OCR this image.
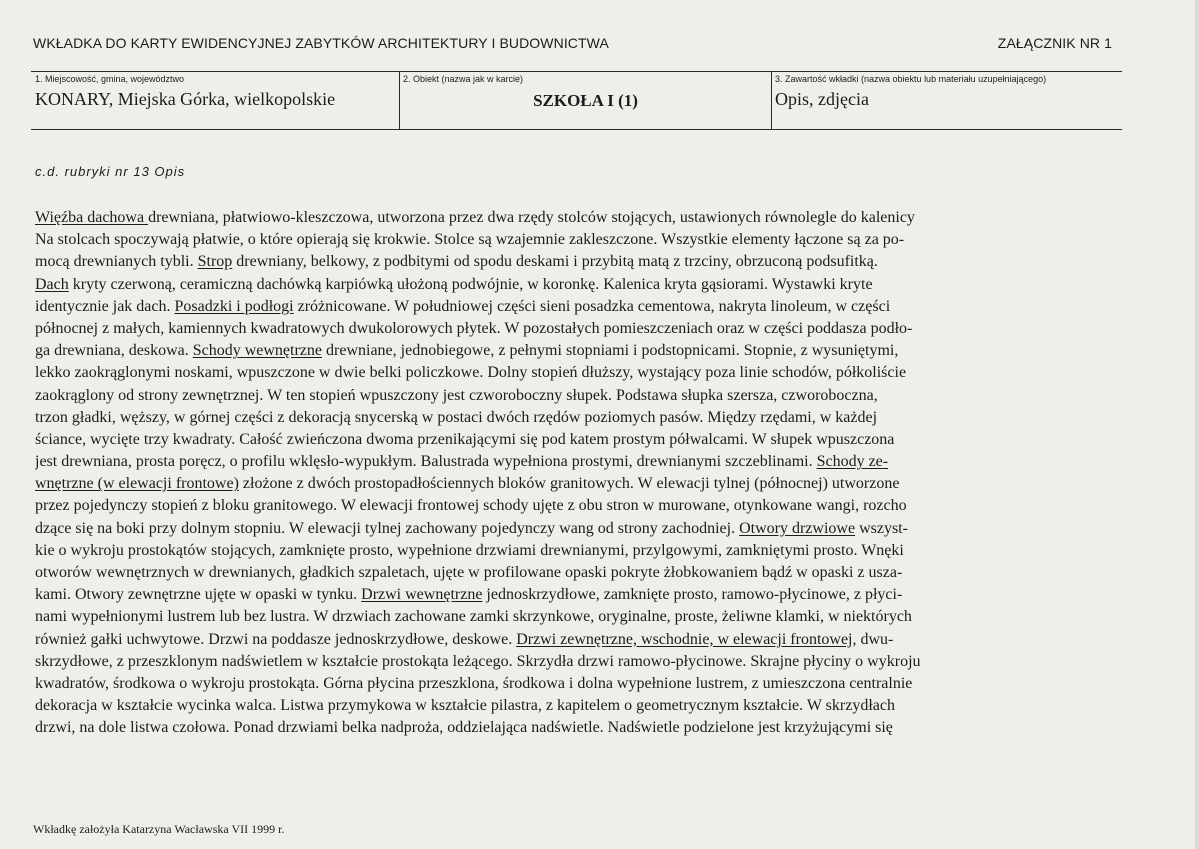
WKŁADKA DO KARTY EWIDENCYJNEJ ZABYTKÓW ARCHITEKTURY I BUDOWNICTWA	ZAŁĄCZNIK NR 1
1. Miejscowość, gmina, województwo
KONARY, Miejska Górka, wielkopolskie
2. Obiekt (nazwa jak w karcie)
SZKOŁA I (1)
3. Zawartość wkładki (nazwa obiektu lub materiału uzupełniającego)
Opis, zdjęcia
c.d. rubryki nr 13 Opis
Więźba dachowa drewniana, płatwiowo-kleszczowa, utworzona przez dwa rzędy stolców stojących, ustawionych równolegle do kalenicy
Na stolcach spoczywają płatwie, o które opierają się krokwie. Stolce są wzajemnie zakleszczone. Wszystkie elementy łączone są za po-
mocą drewnianych tybli. Strop drewniany, belkowy, z podbitymi od spodu deskami i przybitą matą z trzciny, obrzuconą podsufitką.
Dach kryty czerwoną, ceramiczną dachówką karpiówką ułożoną podwójnie, w koronkę. Kalenica kryta gąsiorami. Wystawki kryte
identycznie jak dach. Posadzki i podłogi zróżnicowane. W południowej części sieni posadzka cementowa, nakryta linoleum, w części
północnej z małych, kamiennych kwadratowych dwukolorowych płytek. W pozostałych pomieszczeniach oraz w części poddasza podło-
ga drewniana, deskowa. Schody wewnętrzne drewniane, jednobiegowe, z pełnymi stopniami i podstopnicami. Stopnie, z wysuniętymi,
lekko zaokrąglonymi noskami, wpuszczone w dwie belki policzkowe. Dolny stopień dłuższy, wystający poza linie schodów, półkoliście
zaokrąglony od strony zewnętrznej. W ten stopień wpuszczony jest czworoboczny słupek. Podstawa słupka szersza, czworoboczna,
trzon gładki, węższy, w górnej części z dekoracją snycerską w postaci dwóch rzędów poziomych pasów. Między rzędami, w każdej
ściance, wycięte trzy kwadraty. Całość zwieńczona dwoma przenikającymi się pod katem prostym półwalcami. W słupek wpuszczona
jest drewniana, prosta poręcz, o profilu wklęsło-wypukłym. Balustrada wypełniona prostymi, drewnianymi szczeblinami. Schody ze-
wnętrzne (w elewacji frontowe) złożone z dwóch prostopadłościennych bloków granitowych. W elewacji tylnej (północnej) utworzone
przez pojedynczy stopień z bloku granitowego. W elewacji frontowej schody ujęte z obu stron w murowane, otynkowane wangi, rozcho
dzące się na boki przy dolnym stopniu. W elewacji tylnej zachowany pojedynczy wang od strony zachodniej. Otwory drzwiowe wszyst-
kie o wykroju prostokątów stojących, zamknięte prosto, wypełnione drzwiami drewnianymi, przylgowymi, zamkniętymi prosto. Wnęki
otworów wewnętrznych w drewnianych, gładkich szpaletach, ujęte w profilowane opaski pokryte żłobkowaniem bądź w opaski z usza-
kami. Otwory zewnętrzne ujęte w opaski w tynku. Drzwi wewnętrzne jednoskrzydłowe, zamknięte prosto, ramowo-płycinowe, z płyci-
nami wypełnionymi lustrem lub bez lustra. W drzwiach zachowane zamki skrzynkowe, oryginalne, proste, żeliwne klamki, w niektórych
również gałki uchwytowe. Drzwi na poddasze jednoskrzydłowe, deskowe. Drzwi zewnętrzne, wschodnie, w elewacji frontowej, dwu-
skrzydłowe, z przeszklonym nadświetlem w kształcie prostokąta leżącego. Skrzydła drzwi ramowo-płycinowe. Skrajne płyciny o wykroju
kwadratów, środkowa o wykroju prostokąta. Górna płycina przeszklona, środkowa i dolna wypełnione lustrem, z umieszczona centralnie
dekoracja w kształcie wycinka walca. Listwa przymykowa w kształcie pilastra, z kapitelem o geometrycznym kształcie. W skrzydłach
drzwi, na dole listwa czołowa. Ponad drzwiami belka nadproża, oddzielająca nadświetle. Nadświetle podzielone jest krzyżującymi się
Wkładkę założyła Katarzyna Wacławska VII 1999 r.
